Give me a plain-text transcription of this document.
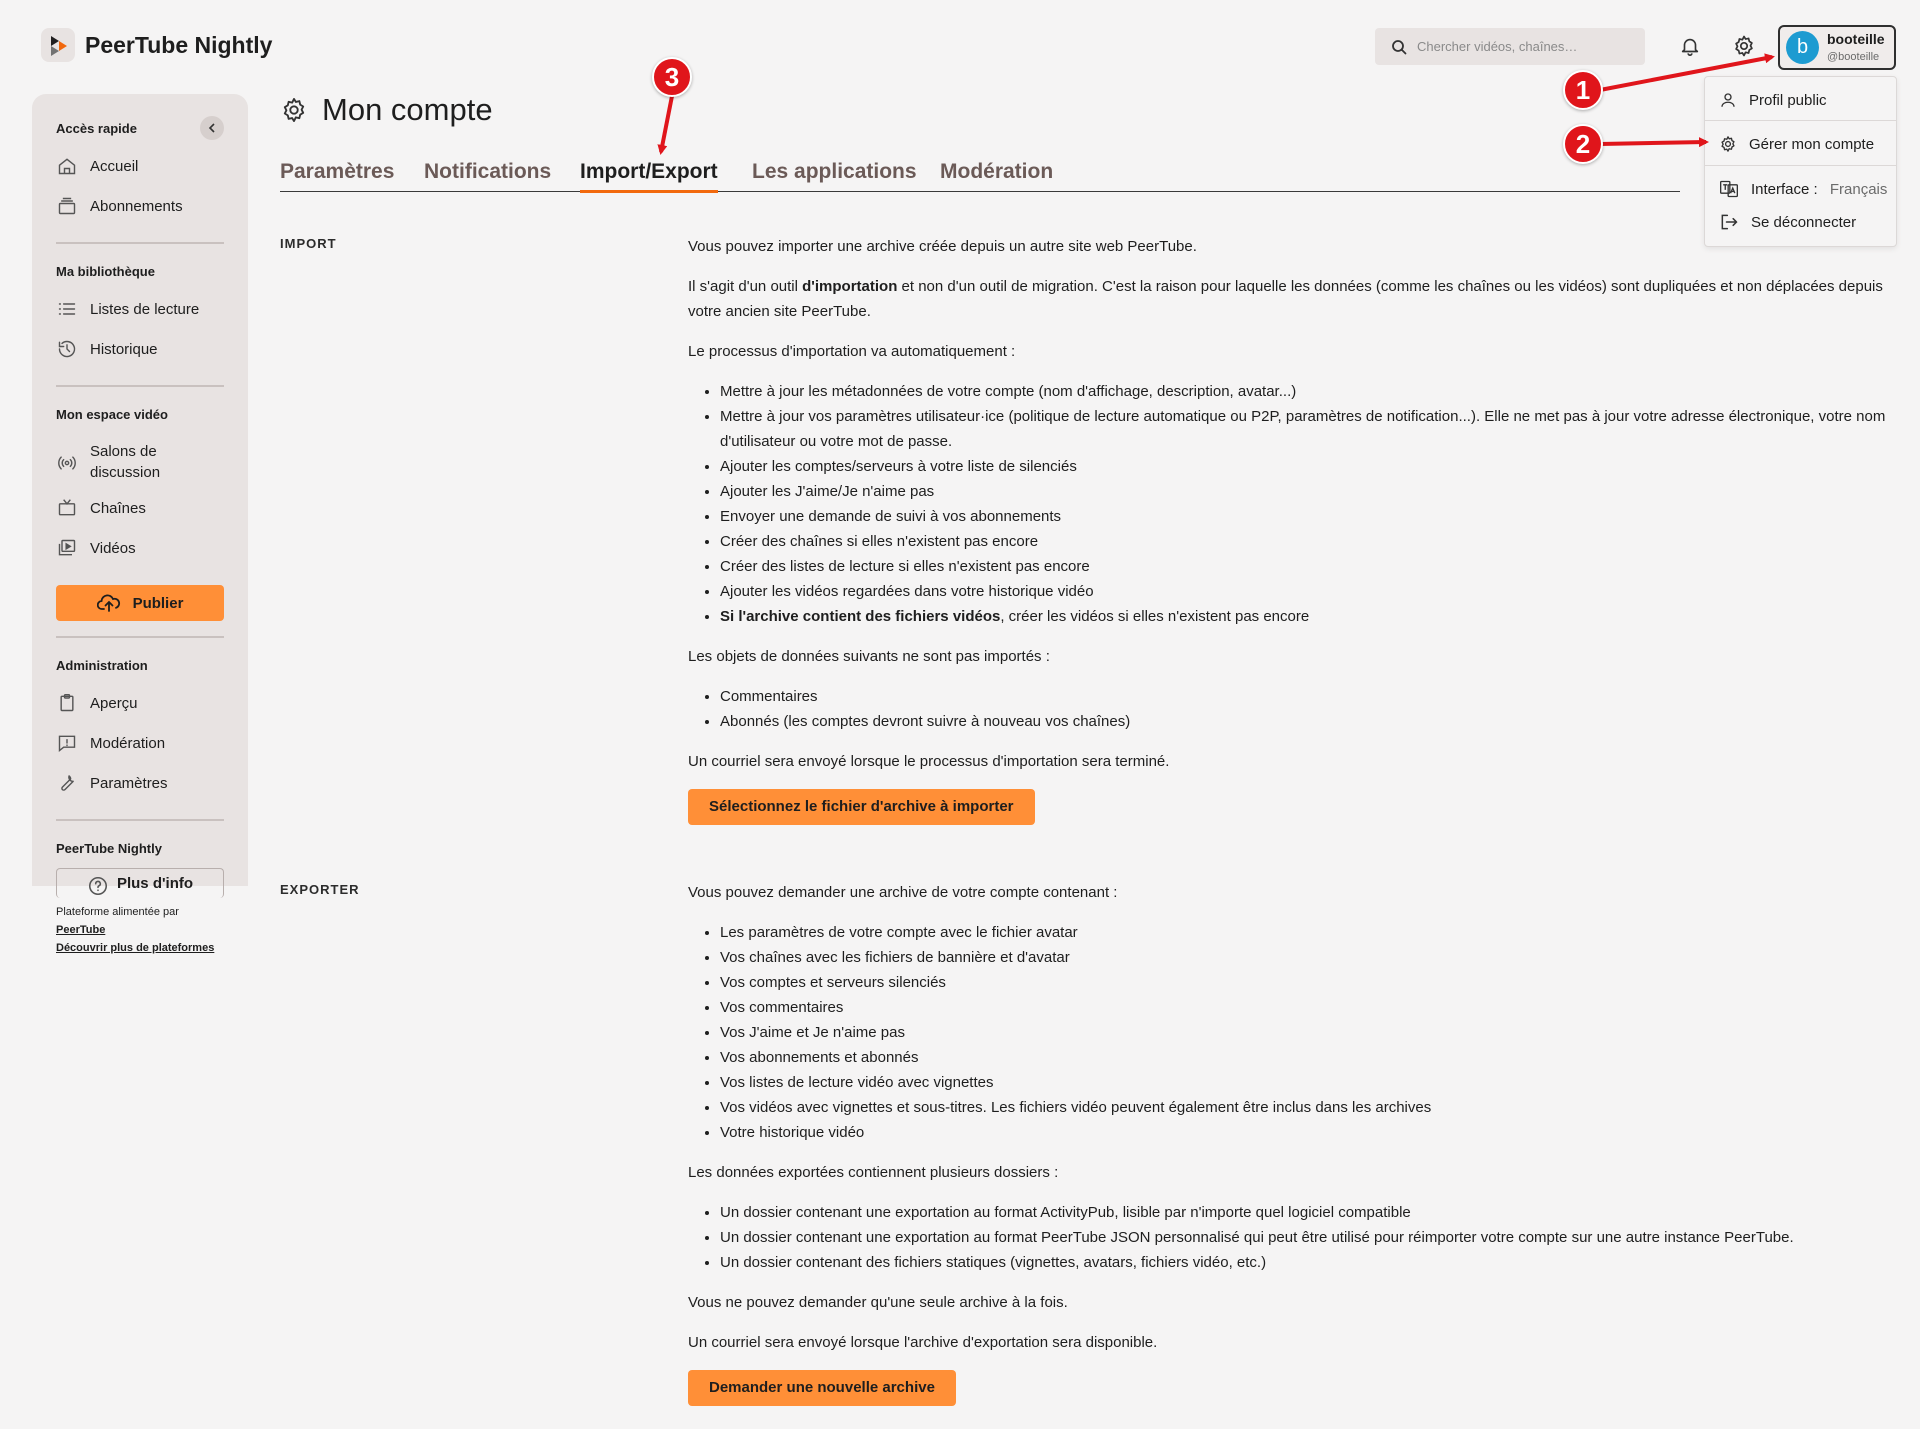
PeerTube Nightly
Chercher vidéos, chaînes…	b	booteille
@booteille
Profil public
Gérer mon compte
Interface : Français
Se déconnecter
1
2
3
Accès rapide
Accueil
Abonnements
Ma bibliothèque
Listes de lecture
Historique
Mon espace vidéo
Salons de discussion
Chaînes
Vidéos
Publier
Administration
Aperçu
Modération
Paramètres
PeerTube Nightly
Plus d'info
Plateforme alimentée par
PeerTube
Découvrir plus de plateformes
Mon compte
Paramètres Notifications Import/Export Les applications Modération
IMPORT	Vous pouvez importer une archive créée depuis un autre site web PeerTube.

Il s'agit d'un outil d'importation et non d'un outil de migration. C'est la raison pour laquelle les données (comme les chaînes ou les vidéos) sont dupliquées et non déplacées depuis votre ancien site PeerTube.

Le processus d'importation va automatiquement :

• Mettre à jour les métadonnées de votre compte (nom d'affichage, description, avatar...)
• Mettre à jour vos paramètres utilisateur·ice (politique de lecture automatique ou P2P, paramètres de notification...). Elle ne met pas à jour votre adresse électronique, votre nom d'utilisateur ou votre mot de passe.
• Ajouter les comptes/serveurs à votre liste de silenciés
• Ajouter les J'aime/Je n'aime pas
• Envoyer une demande de suivi à vos abonnements
• Créer des chaînes si elles n'existent pas encore
• Créer des listes de lecture si elles n'existent pas encore
• Ajouter les vidéos regardées dans votre historique vidéo
• Si l'archive contient des fichiers vidéos, créer les vidéos si elles n'existent pas encore

Les objets de données suivants ne sont pas importés :

• Commentaires
• Abonnés (les comptes devront suivre à nouveau vos chaînes)

Un courriel sera envoyé lorsque le processus d'importation sera terminé.

Sélectionnez le fichier d'archive à importer
EXPORTER	Vous pouvez demander une archive de votre compte contenant :

• Les paramètres de votre compte avec le fichier avatar
• Vos chaînes avec les fichiers de bannière et d'avatar
• Vos comptes et serveurs silenciés
• Vos commentaires
• Vos J'aime et Je n'aime pas
• Vos abonnements et abonnés
• Vos listes de lecture vidéo avec vignettes
• Vos vidéos avec vignettes et sous-titres. Les fichiers vidéo peuvent également être inclus dans les archives
• Votre historique vidéo

Les données exportées contiennent plusieurs dossiers :

• Un dossier contenant une exportation au format ActivityPub, lisible par n'importe quel logiciel compatible
• Un dossier contenant une exportation au format PeerTube JSON personnalisé qui peut être utilisé pour réimporter votre compte sur une autre instance PeerTube.
• Un dossier contenant des fichiers statiques (vignettes, avatars, fichiers vidéo, etc.)

Vous ne pouvez demander qu'une seule archive à la fois.

Un courriel sera envoyé lorsque l'archive d'exportation sera disponible.

Demander une nouvelle archive
